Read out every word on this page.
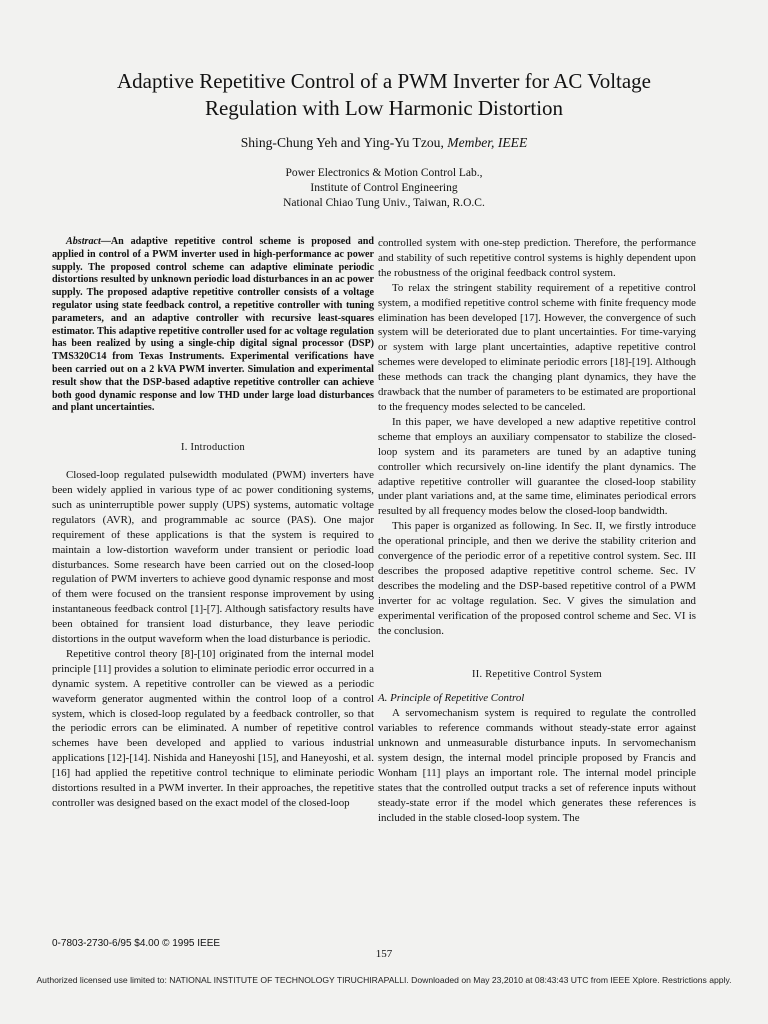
Adaptive Repetitive Control of a PWM Inverter for AC Voltage
Regulation with Low Harmonic Distortion
Shing-Chung Yeh and Ying-Yu Tzou, Member, IEEE
Power Electronics & Motion Control Lab.,
Institute of Control Engineering
National Chiao Tung Univ., Taiwan, R.O.C.

Abstract—An adaptive repetitive control scheme is proposed and applied in control of a PWM inverter used in high-performance ac power supply. The proposed control scheme can adaptive eliminate periodic distortions resulted by unknown periodic load disturbances in an ac power supply. The proposed adaptive repetitive controller consists of a voltage regulator using state feedback control, a repetitive controller with tuning parameters, and an adaptive controller with recursive least-squares estimator. This adaptive repetitive controller used for ac voltage regulation has been realized by using a single-chip digital signal processor (DSP) TMS320C14 from Texas Instruments. Experimental verifications have been carried out on a 2 kVA PWM inverter. Simulation and experimental result show that the DSP-based adaptive repetitive controller can achieve both good dynamic response and low THD under large load disturbances and plant uncertainties.

I. Introduction

Closed-loop regulated pulsewidth modulated (PWM) inverters have been widely applied in various type of ac power conditioning systems, such as uninterruptible power supply (UPS) systems, automatic voltage regulators (AVR), and programmable ac source (PAS). One major requirement of these applications is that the system is required to maintain a low-distortion waveform under transient or periodic load disturbances. Some research have been carried out on the closed-loop regulation of PWM inverters to achieve good dynamic response and most of them were focused on the transient response improvement by using instantaneous feedback control [1]-[7]. Although satisfactory results have been obtained for transient load disturbance, they leave periodic distortions in the output waveform when the load disturbance is periodic.

Repetitive control theory [8]-[10] originated from the internal model principle [11] provides a solution to eliminate periodic error occurred in a dynamic system. A repetitive controller can be viewed as a periodic waveform generator augmented within the control loop of a control system, which is closed-loop regulated by a feedback controller, so that the periodic errors can be eliminated. A number of repetitive control schemes have been developed and applied to various industrial applications [12]-[14]. Nishida and Haneyoshi [15], and Haneyoshi, et al. [16] had applied the repetitive control technique to eliminate periodic distortions resulted in a PWM inverter. In their approaches, the repetitive controller was designed based on the exact model of the closed-loop

controlled system with one-step prediction. Therefore, the performance and stability of such repetitive control systems is highly dependent upon the robustness of the original feedback control system.

To relax the stringent stability requirement of a repetitive control system, a modified repetitive control scheme with finite frequency mode elimination has been developed [17]. However, the convergence of such system will be deteriorated due to plant uncertainties. For time-varying or system with large plant uncertainties, adaptive repetitive control schemes were developed to eliminate periodic errors [18]-[19]. Although these methods can track the changing plant dynamics, they have the drawback that the number of parameters to be estimated are proportional to the frequency modes selected to be canceled.

In this paper, we have developed a new adaptive repetitive control scheme that employs an auxiliary compensator to stabilize the closed-loop system and its parameters are tuned by an adaptive tuning controller which recursively on-line identify the plant dynamics. The adaptive repetitive controller will guarantee the closed-loop stability under plant variations and, at the same time, eliminates periodical errors resulted by all frequency modes below the closed-loop bandwidth.

This paper is organized as following. In Sec. II, we firstly introduce the operational principle, and then we derive the stability criterion and convergence of the periodic error of a repetitive control system. Sec. III describes the proposed adaptive repetitive control scheme. Sec. IV describes the modeling and the DSP-based repetitive control of a PWM inverter for ac voltage regulation. Sec. V gives the simulation and experimental verification of the proposed control scheme and Sec. VI is the conclusion.

II. Repetitive Control System

A. Principle of Repetitive Control

A servomechanism system is required to regulate the controlled variables to reference commands without steady-state error against unknown and unmeasurable disturbance inputs. In servomechanism system design, the internal model principle proposed by Francis and Wonham [11] plays an important role. The internal model principle states that the controlled output tracks a set of reference inputs without steady-state error if the model which generates these references is included in the stable closed-loop system. The

0-7803-2730-6/95 $4.00 © 1995 IEEE
157
Authorized licensed use limited to: NATIONAL INSTITUTE OF TECHNOLOGY TIRUCHIRAPALLI. Downloaded on May 23,2010 at 08:43:43 UTC from IEEE Xplore. Restrictions apply.
